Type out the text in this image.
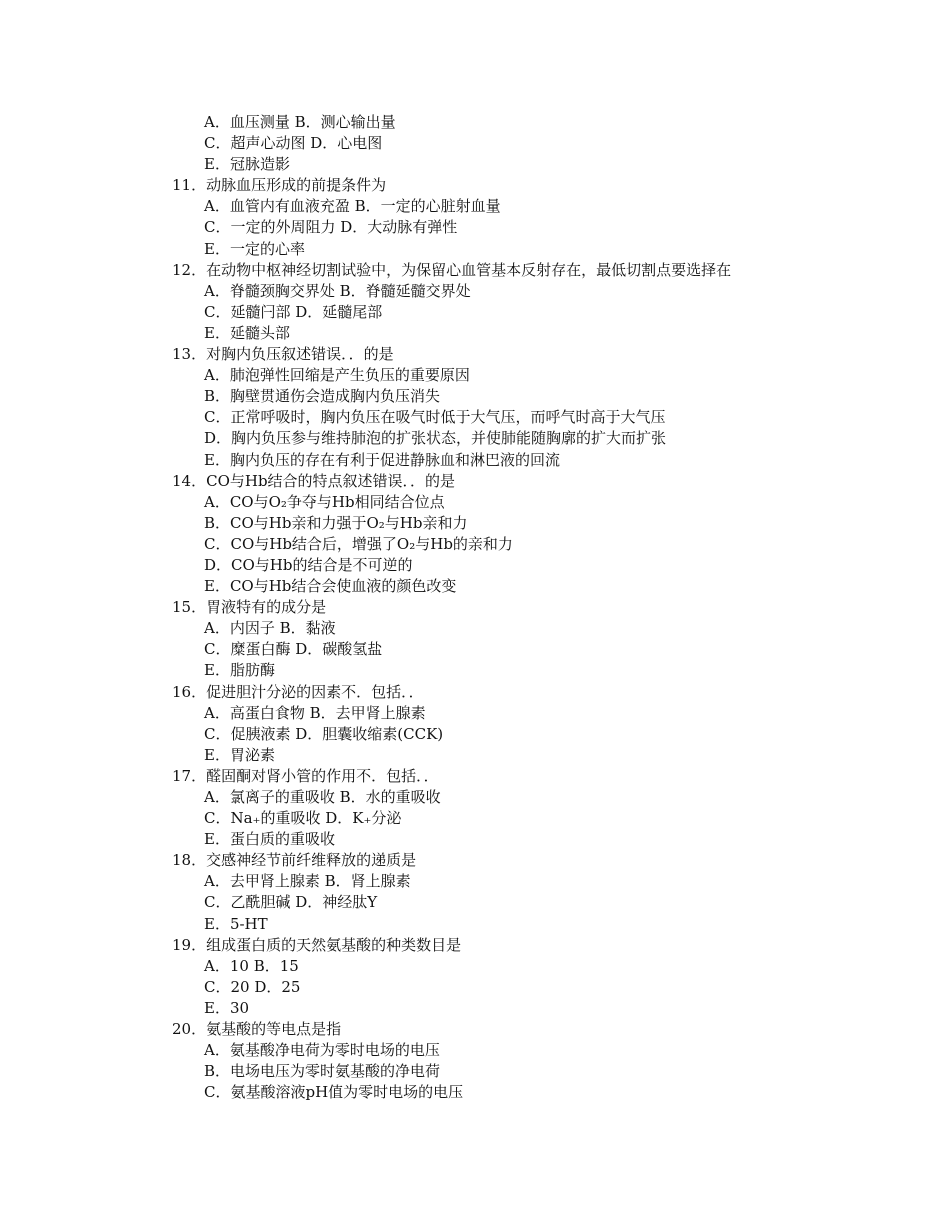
A．血压测量 B．测心输出量
C．超声心动图 D．心电图
E．冠脉造影
11．动脉血压形成的前提条件为
A．血管内有血液充盈 B．一定的心脏射血量
C．一定的外周阻力 D．大动脉有弹性
E．一定的心率
12．在动物中枢神经切割试验中，为保留心血管基本反射存在，最低切割点要选择在
A．脊髓颈胸交界处 B．脊髓延髓交界处
C．延髓闩部 D．延髓尾部
E．延髓头部
13．对胸内负压叙述错误．．的是
A．肺泡弹性回缩是产生负压的重要原因
B．胸壁贯通伤会造成胸内负压消失
C．正常呼吸时，胸内负压在吸气时低于大气压，而呼气时高于大气压
D．胸内负压参与维持肺泡的扩张状态，并使肺能随胸廓的扩大而扩张
E．胸内负压的存在有利于促进静脉血和淋巴液的回流
14．CO与Hb结合的特点叙述错误．．的是
A．CO与O₂争夺与Hb相同结合位点
B．CO与Hb亲和力强于O₂与Hb亲和力
C．CO与Hb结合后，增强了O₂与Hb的亲和力
D．CO与Hb的结合是不可逆的
E．CO与Hb结合会使血液的颜色改变
15．胃液特有的成分是
A．内因子 B．黏液
C．糜蛋白酶 D．碳酸氢盐
E．脂肪酶
16．促进胆汁分泌的因素不．包括．．
A．高蛋白食物 B．去甲肾上腺素
C．促胰液素 D．胆囊收缩素(CCK)
E．胃泌素
17．醛固酮对肾小管的作用不．包括．．
A．氯离子的重吸收 B．水的重吸收
C．Na₊的重吸收 D．K₊分泌
E．蛋白质的重吸收
18．交感神经节前纤维释放的递质是
A．去甲肾上腺素 B．肾上腺素
C．乙酰胆碱 D．神经肽Y
E．5-HT
19．组成蛋白质的天然氨基酸的种类数目是
A．10 B．15
C．20 D．25
E．30
20．氨基酸的等电点是指
A．氨基酸净电荷为零时电场的电压
B．电场电压为零时氨基酸的净电荷
C．氨基酸溶液pH值为零时电场的电压
